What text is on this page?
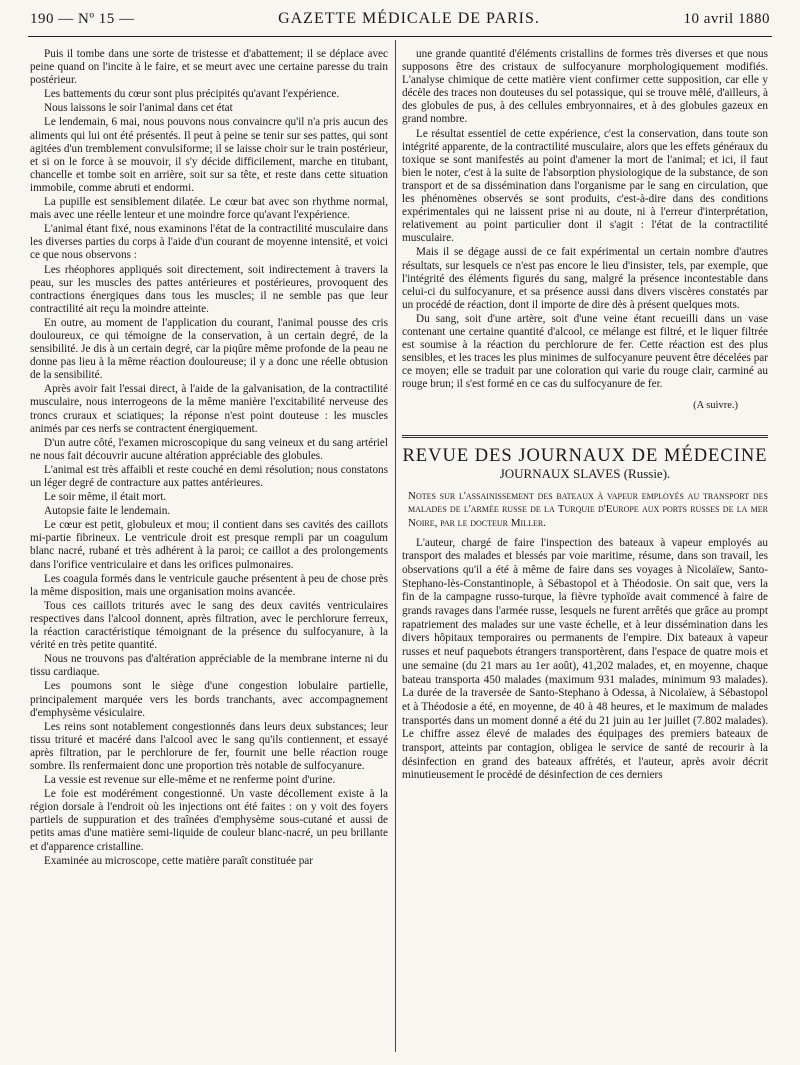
190 — Nº 15 —	GAZETTE MÉDICALE DE PARIS.	10 avril 1880

Puis il tombe dans une sorte de tristesse et d'abattement; il se déplace avec peine quand on l'incite à le faire, et se meurt avec une certaine paresse du train postérieur.

Les battements du cœur sont plus précipités qu'avant l'expérience.

Nous laissons le soir l'animal dans cet état

Le lendemain, 6 mai, nous pouvons nous convaincre qu'il n'a pris aucun des aliments qui lui ont été présentés. Il peut à peine se tenir sur ses pattes, qui sont agitées d'un tremblement convulsiforme; il se laisse choir sur le train postérieur, et si on le force à se mouvoir, il s'y décide difficilement, marche en titubant, chancelle et tombe soit en arrière, soit sur sa tête, et reste dans cette situation immobile, comme abruti et endormi.

La pupille est sensiblement dilatée. Le cœur bat avec son rhythme normal, mais avec une réelle lenteur et une moindre force qu'avant l'expérience.

L'animal étant fixé, nous examinons l'état de la contractilité musculaire dans les diverses parties du corps à l'aide d'un courant de moyenne intensité, et voici ce que nous observons :

Les rhéophores appliqués soit directement, soit indirectement à travers la peau, sur les muscles des pattes antérieures et postérieures, provoquent des contractions énergiques dans tous les muscles; il ne semble pas que leur contractilité ait reçu la moindre atteinte.

En outre, au moment de l'application du courant, l'animal pousse des cris douloureux, ce qui témoigne de la conservation, à un certain degré, de la sensibilité. Je dis à un certain degré, car la piqûre même profonde de la peau ne donne pas lieu à la même réaction douloureuse; il y a donc une réelle obtusion de la sensibilité.

Après avoir fait l'essai direct, à l'aide de la galvanisation, de la contractilité musculaire, nous interrogeons de la même manière l'excitabilité nerveuse des troncs cruraux et sciatiques; la réponse n'est point douteuse : les muscles animés par ces nerfs se contractent énergiquement.

D'un autre côté, l'examen microscopique du sang veineux et du sang artériel ne nous fait découvrir aucune altération appréciable des globules.

L'animal est très affaibli et reste couché en demi résolution; nous constatons un léger degré de contracture aux pattes antérieures.

Le soir même, il était mort.

Autopsie faite le lendemain.

Le cœur est petit, globuleux et mou; il contient dans ses cavités des caillots mi-partie fibrineux. Le ventricule droit est presque rempli par un coagulum blanc nacré, rubané et très adhérent à la paroi; ce caillot a des prolongements dans l'orifice ventriculaire et dans les orifices pulmonaires.

Les coagula formés dans le ventricule gauche présentent à peu de chose près la même disposition, mais une organisation moins avancée.

Tous ces caillots triturés avec le sang des deux cavités ventriculaires respectives dans l'alcool donnent, après filtration, avec le perchlorure ferreux, la réaction caractéristique témoignant de la présence du sulfocyanure, à la vérité en très petite quantité.

Nous ne trouvons pas d'altération appréciable de la membrane interne ni du tissu cardiaque.

Les poumons sont le siège d'une congestion lobulaire partielle, principalement marquée vers les bords tranchants, avec accompagnement d'emphysème vésiculaire.

Les reins sont notablement congestionnés dans leurs deux substances; leur tissu trituré et macéré dans l'alcool avec le sang qu'ils contiennent, et essayé après filtration, par le perchlorure de fer, fournit une belle réaction rouge sombre. Ils renfermaient donc une proportion très notable de sulfocyanure.

La vessie est revenue sur elle-même et ne renferme point d'urine.

Le foie est modérément congestionné. Un vaste décollement existe à la région dorsale à l'endroit où les injections ont été faites : on y voit des foyers partiels de suppuration et des traînées d'emphysème sous-cutané et aussi de petits amas d'une matière semi-liquide de couleur blanc-nacré, un peu brillante et d'apparence cristalline.

Examinée au microscope, cette matière paraît constituée par

une grande quantité d'éléments cristallins de formes très diverses et que nous supposons être des cristaux de sulfocyanure morphologiquement modifiés. L'analyse chimique de cette matière vient confirmer cette supposition, car elle y décèle des traces non douteuses du sel potassique, qui se trouve mêlé, d'ailleurs, à des globules de pus, à des cellules embryonnaires, et à des globules gazeux en grand nombre.

Le résultat essentiel de cette expérience, c'est la conservation, dans toute son intégrité apparente, de la contractilité musculaire, alors que les effets généraux du toxique se sont manifestés au point d'amener la mort de l'animal; et ici, il faut bien le noter, c'est à la suite de l'absorption physiologique de la substance, de son transport et de sa dissémination dans l'organisme par le sang en circulation, que les phénomènes observés se sont produits, c'est-à-dire dans des conditions expérimentales qui ne laissent prise ni au doute, ni à l'erreur d'interprétation, relativement au point particulier dont il s'agit : l'état de la contractilité musculaire.

Mais il se dégage aussi de ce fait expérimental un certain nombre d'autres résultats, sur lesquels ce n'est pas encore le lieu d'insister, tels, par exemple, que l'intégrité des éléments figurés du sang, malgré la présence incontestable dans celui-ci du sulfocyanure, et sa présence aussi dans divers viscères constatés par un procédé de réaction, dont il importe de dire dès à présent quelques mots.

Du sang, soit d'une artère, soit d'une veine étant recueilli dans un vase contenant une certaine quantité d'alcool, ce mélange est filtré, et le liquer filtrée est soumise à la réaction du perchlorure de fer. Cette réaction est des plus sensibles, et les traces les plus minimes de sulfocyanure peuvent être décelées par ce moyen; elle se traduit par une coloration qui varie du rouge clair, carminé au rouge brun; il s'est formé en ce cas du sulfocyanure de fer.

(A suivre.)
REVUE DES JOURNAUX DE MÉDECINE
JOURNAUX SLAVES (Russie).
Notes sur l'assainissement des bateaux à vapeur employés au transport des malades de l'armée russe de la Turquie d'Europe aux ports russes de la mer Noire, par le docteur Miller.

L'auteur, chargé de faire l'inspection des bateaux à vapeur employés au transport des malades et blessés par voie maritime, résume, dans son travail, les observations qu'il a été à même de faire dans ses voyages à Nicolaïew, Santo-Stephano-lès-Constantinople, à Sébastopol et à Théodosie. On sait que, vers la fin de la campagne russo-turque, la fièvre typhoïde avait commencé à faire de grands ravages dans l'armée russe, lesquels ne furent arrêtés que grâce au prompt rapatriement des malades sur une vaste échelle, et à leur dissémination dans les divers hôpitaux temporaires ou permanents de l'empire. Dix bateaux à vapeur russes et neuf paquebots étrangers transportèrent, dans l'espace de quatre mois et une semaine (du 21 mars au 1er août), 41,202 malades, et, en moyenne, chaque bateau transporta 450 malades (maximum 931 malades, minimum 93 malades). La durée de la traversée de Santo-Stephano à Odessa, à Nicolaïew, à Sébastopol et à Théodosie a été, en moyenne, de 40 à 48 heures, et le maximum de malades transportés dans un moment donné a été du 21 juin au 1er juillet (7.802 malades). Le chiffre assez élevé de malades des équipages des premiers bateaux de transport, atteints par contagion, obligea le service de santé de recourir à la désinfection en grand des bateaux affrétés, et l'auteur, après avoir décrit minutieusement le procédé de désinfection de ces derniers
